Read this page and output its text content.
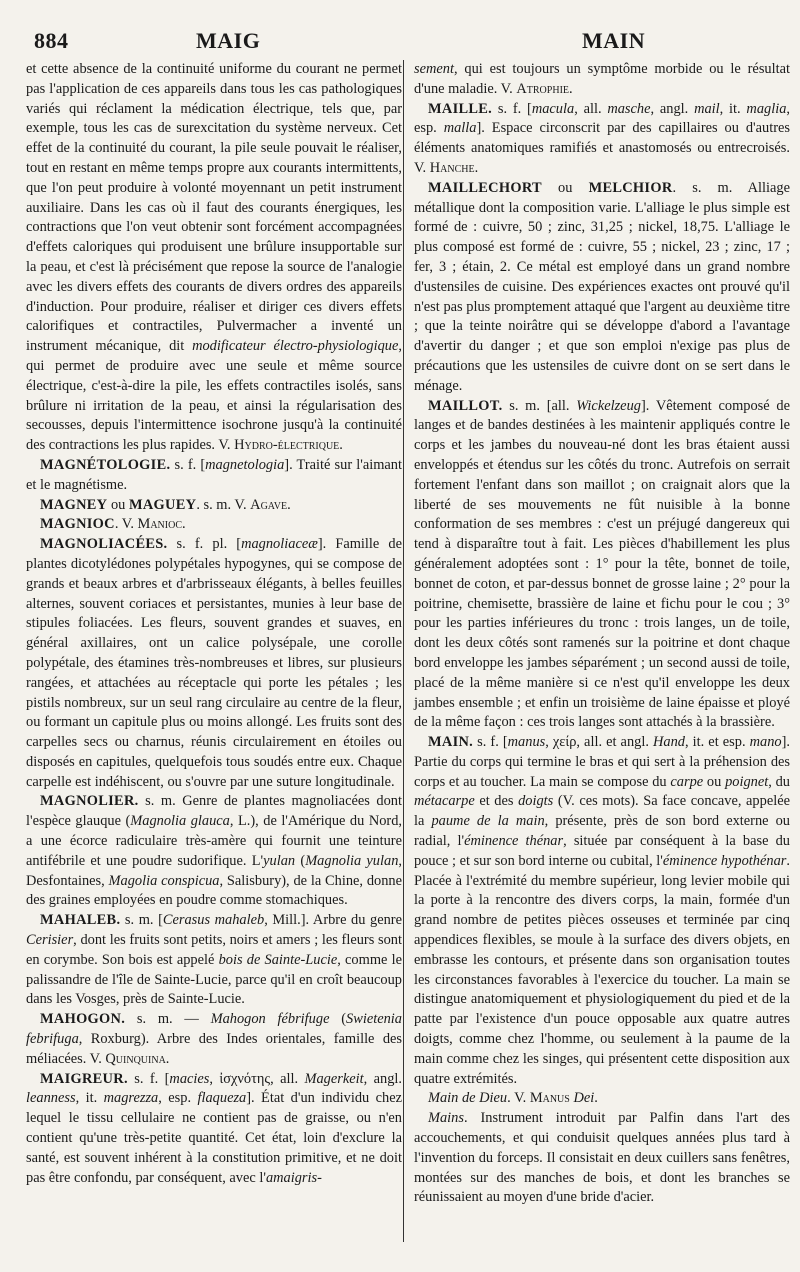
884	MAIG	MAIN

et cette absence de la continuité uniforme du courant ne permet pas l'application de ces appareils dans tous les cas pathologiques variés qui réclament la médication électrique, tels que, par exemple, tous les cas de surexcitation du système nerveux. Cet effet de la continuité du courant, la pile seule pouvait le réaliser, tout en restant en même temps propre aux courants intermittents, que l'on peut produire à volonté moyennant un petit instrument auxiliaire. Dans les cas où il faut des courants énergiques, les contractions que l'on veut obtenir sont forcément accompagnées d'effets caloriques qui produisent une brûlure insupportable sur la peau, et c'est là précisément que repose la source de l'analogie avec les divers effets des courants de divers ordres des appareils d'induction. Pour produire, réaliser et diriger ces divers effets calorifiques et contractiles, Pulvermacher a inventé un instrument mécanique, dit modificateur électro-physiologique, qui permet de produire avec une seule et même source électrique, c'est-à-dire la pile, les effets contractiles isolés, sans brûlure ni irritation de la peau, et ainsi la régularisation des secousses, depuis l'intermittence isochrone jusqu'à la continuité des contractions les plus rapides. V. Hydro-électrique.

MAGNÉTOLOGIE. s. f. [magnetologia]. Traité sur l'aimant et le magnétisme.

MAGNEY ou MAGUEY. s. m. V. Agave.

MAGNIOC. V. Manioc.

MAGNOLIACÉES. s. f. pl. [magnoliaceæ]. Famille de plantes dicotylédones polypétales hypogynes, qui se compose de grands et beaux arbres et d'arbrisseaux élégants, à belles feuilles alternes, souvent coriaces et persistantes, munies à leur base de stipules foliacées. Les fleurs, souvent grandes et suaves, en général axillaires, ont un calice polysépale, une corolle polypétale, des étamines très-nombreuses et libres, sur plusieurs rangées, et attachées au réceptacle qui porte les pétales ; les pistils nombreux, sur un seul rang circulaire au centre de la fleur, ou formant un capitule plus ou moins allongé. Les fruits sont des carpelles secs ou charnus, réunis circulairement en étoiles ou disposés en capitules, quelquefois tous soudés entre eux. Chaque carpelle est indéhiscent, ou s'ouvre par une suture longitudinale.

MAGNOLIER. s. m. Genre de plantes magnoliacées dont l'espèce glauque (Magnolia glauca, L.), de l'Amérique du Nord, a une écorce radiculaire très-amère qui fournit une teinture antifébrile et une poudre sudorifique. L'yulan (Magnolia yulan, Desfontaines, Magolia conspicua, Salisbury), de la Chine, donne des graines employées en poudre comme stomachiques.

MAHALEB. s. m. [Cerasus mahaleb, Mill.]. Arbre du genre Cerisier, dont les fruits sont petits, noirs et amers ; les fleurs sont en corymbe. Son bois est appelé bois de Sainte-Lucie, comme le palissandre de l'île de Sainte-Lucie, parce qu'il en croît beaucoup dans les Vosges, près de Sainte-Lucie.

MAHOGON. s. m. — Mahogon fébrifuge (Swietenia febrifuga, Roxburg). Arbre des Indes orientales, famille des méliacées. V. Quinquina.

MAIGREUR. s. f. [macies, ἰσχνότης, all. Magerkeit, angl. leanness, it. magrezza, esp. flaqueza]. État d'un individu chez lequel le tissu cellulaire ne contient pas de graisse, ou n'en contient qu'une très-petite quantité. Cet état, loin d'exclure la santé, est souvent inhérent à la constitution primitive, et ne doit pas être confondu, par conséquent, avec l'amaigris-

sement, qui est toujours un symptôme morbide ou le résultat d'une maladie. V. Atrophie.

MAILLE. s. f. [macula, all. masche, angl. mail, it. maglia, esp. malla]. Espace circonscrit par des capillaires ou d'autres éléments anatomiques ramifiés et anastomosés ou entrecroisés. V. Hanche.

MAILLECHORT ou MELCHIOR. s. m. Alliage métallique dont la composition varie. L'alliage le plus simple est formé de : cuivre, 50 ; zinc, 31,25 ; nickel, 18,75. L'alliage le plus composé est formé de : cuivre, 55 ; nickel, 23 ; zinc, 17 ; fer, 3 ; étain, 2. Ce métal est employé dans un grand nombre d'ustensiles de cuisine. Des expériences exactes ont prouvé qu'il n'est pas plus promptement attaqué que l'argent au deuxième titre ; que la teinte noirâtre qui se développe d'abord a l'avantage d'avertir du danger ; et que son emploi n'exige pas plus de précautions que les ustensiles de cuivre dont on se sert dans le ménage.

MAILLOT. s. m. [all. Wickelzeug]. Vêtement composé de langes et de bandes destinées à les maintenir appliqués contre le corps et les jambes du nouveau-né dont les bras étaient aussi enveloppés et étendus sur les côtés du tronc. Autrefois on serrait fortement l'enfant dans son maillot ; on craignait alors que la liberté de ses mouvements ne fût nuisible à la bonne conformation de ses membres : c'est un préjugé dangereux qui tend à disparaître tout à fait. Les pièces d'habillement les plus généralement adoptées sont : 1° pour la tête, bonnet de toile, bonnet de coton, et par-dessus bonnet de grosse laine ; 2° pour la poitrine, chemisette, brassière de laine et fichu pour le cou ; 3° pour les parties inférieures du tronc : trois langes, un de toile, dont les deux côtés sont ramenés sur la poitrine et dont chaque bord enveloppe les jambes séparément ; un second aussi de toile, placé de la même manière si ce n'est qu'il enveloppe les deux jambes ensemble ; et enfin un troisième de laine épaisse et ployé de la même façon : ces trois langes sont attachés à la brassière.

MAIN. s. f. [manus, χείρ, all. et angl. Hand, it. et esp. mano]. Partie du corps qui termine le bras et qui sert à la préhension des corps et au toucher. La main se compose du carpe ou poignet, du métacarpe et des doigts (V. ces mots). Sa face concave, appelée la paume de la main, présente, près de son bord externe ou radial, l'éminence thénar, située par conséquent à la base du pouce ; et sur son bord interne ou cubital, l'éminence hypothénar. Placée à l'extrémité du membre supérieur, long levier mobile qui la porte à la rencontre des divers corps, la main, formée d'un grand nombre de petites pièces osseuses et terminée par cinq appendices flexibles, se moule à la surface des divers objets, en embrasse les contours, et présente dans son organisation toutes les circonstances favorables à l'exercice du toucher. La main se distingue anatomiquement et physiologiquement du pied et de la patte par l'existence d'un pouce opposable aux quatre autres doigts, comme chez l'homme, ou seulement à la paume de la main comme chez les singes, qui présentent cette disposition aux quatre extrémités.

Main de Dieu. V. Manus Dei.

Mains. Instrument introduit par Palfin dans l'art des accouchements, et qui conduisit quelques années plus tard à l'invention du forceps. Il consistait en deux cuillers sans fenêtres, montées sur des manches de bois, et dont les branches se réunissaient au moyen d'une bride d'acier.
